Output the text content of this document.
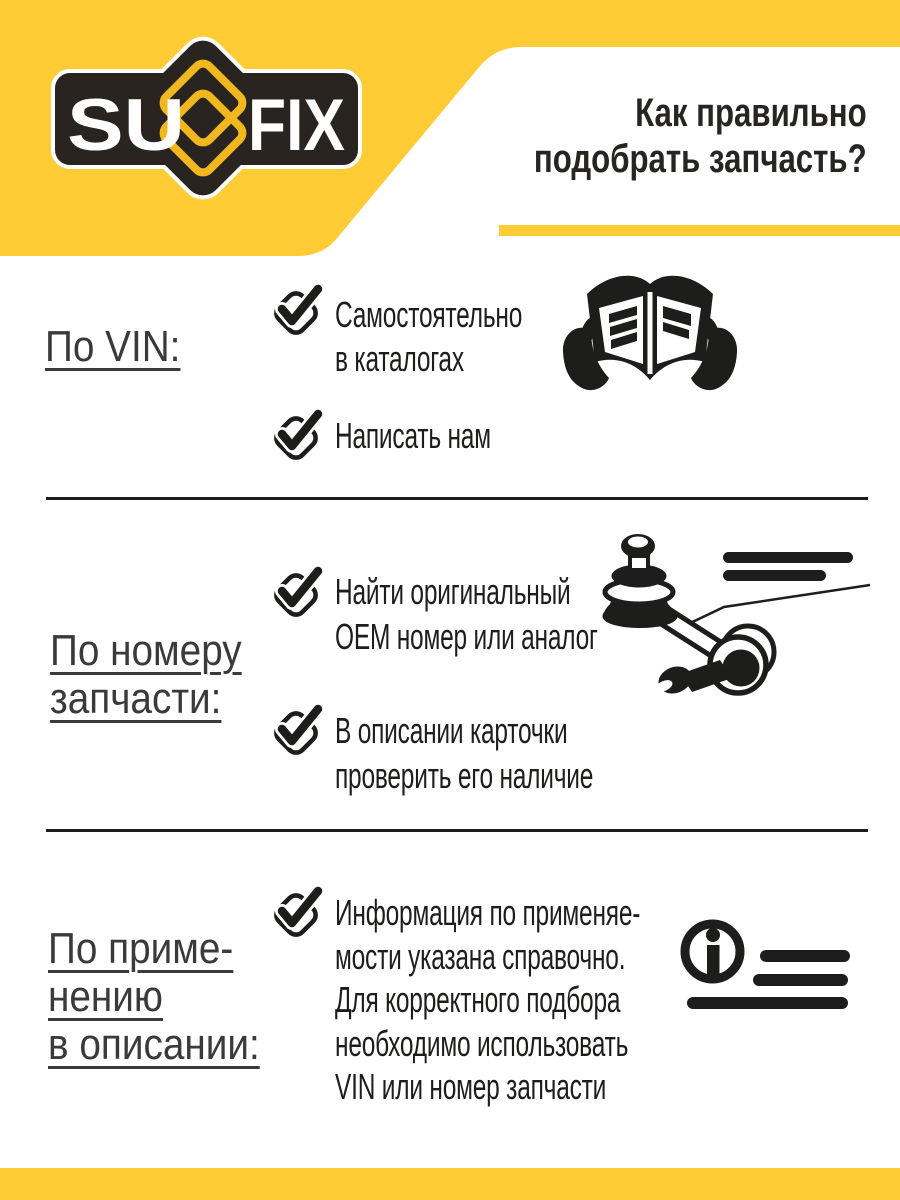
SU FIX	Как правильно
подобрать запчасть?
По VIN:
Самостоятельно
в каталогах
Написать нам
По номеру
запчасти:
Найти оригинальный
OEM номер или аналог
В описании карточки
проверить его наличие
По приме-
нению
в описании:
Информация по применяе-
мости указана справочно.
Для корректного подбора
необходимо использовать
VIN или номер запчасти
